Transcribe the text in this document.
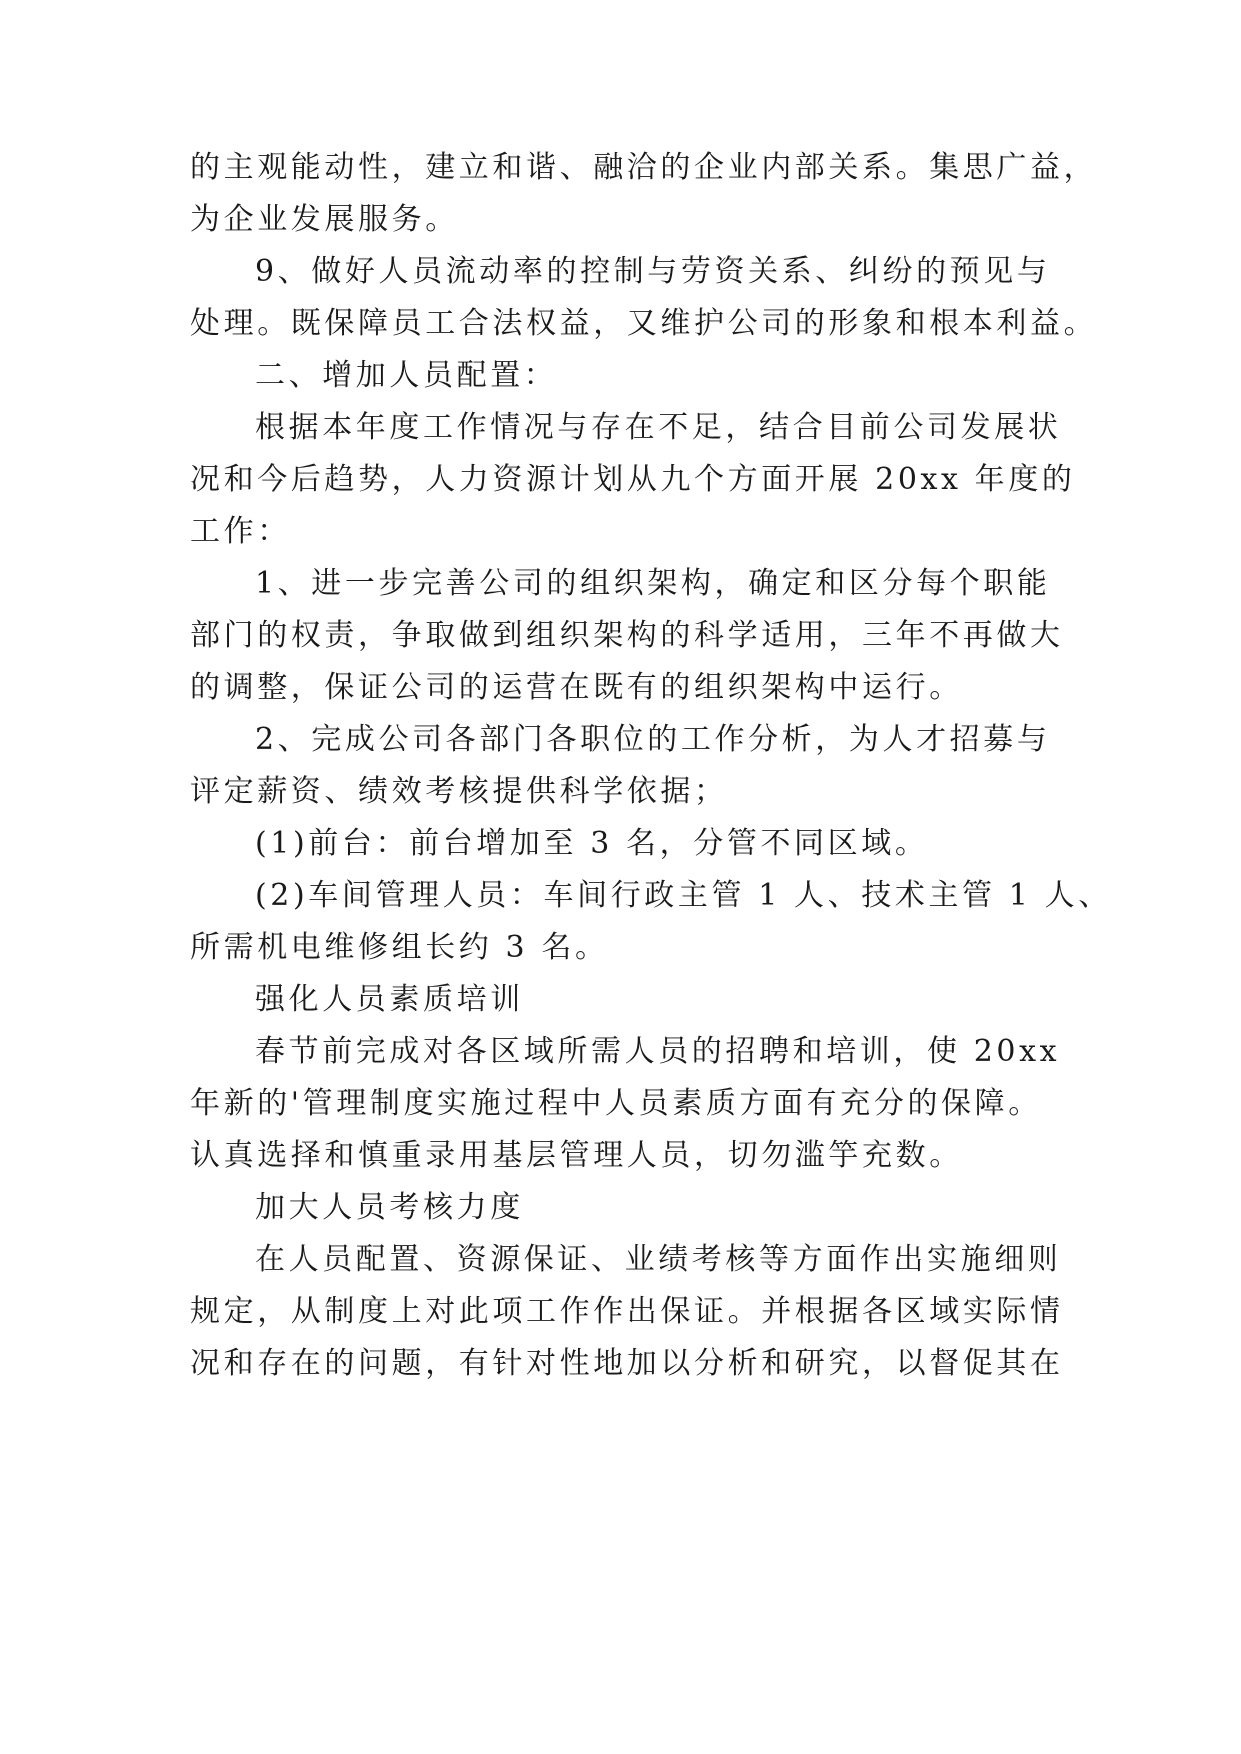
的主观能动性，建立和谐、融洽的企业内部关系。集思广益，
为企业发展服务。
9、做好人员流动率的控制与劳资关系、纠纷的预见与
处理。既保障员工合法权益，又维护公司的形象和根本利益。
二、增加人员配置：
根据本年度工作情况与存在不足，结合目前公司发展状
况和今后趋势，人力资源计划从九个方面开展 20xx 年度的
工作：
1、进一步完善公司的组织架构，确定和区分每个职能
部门的权责，争取做到组织架构的科学适用，三年不再做大
的调整，保证公司的运营在既有的组织架构中运行。
2、完成公司各部门各职位的工作分析，为人才招募与
评定薪资、绩效考核提供科学依据；
(1)前台：前台增加至 3 名，分管不同区域。
(2)车间管理人员：车间行政主管 1 人、技术主管 1 人、
所需机电维修组长约 3 名。
强化人员素质培训
春节前完成对各区域所需人员的招聘和培训，使 20xx
年新的'管理制度实施过程中人员素质方面有充分的保障。
认真选择和慎重录用基层管理人员，切勿滥竽充数。
加大人员考核力度
在人员配置、资源保证、业绩考核等方面作出实施细则
规定，从制度上对此项工作作出保证。并根据各区域实际情
况和存在的问题，有针对性地加以分析和研究，以督促其在
